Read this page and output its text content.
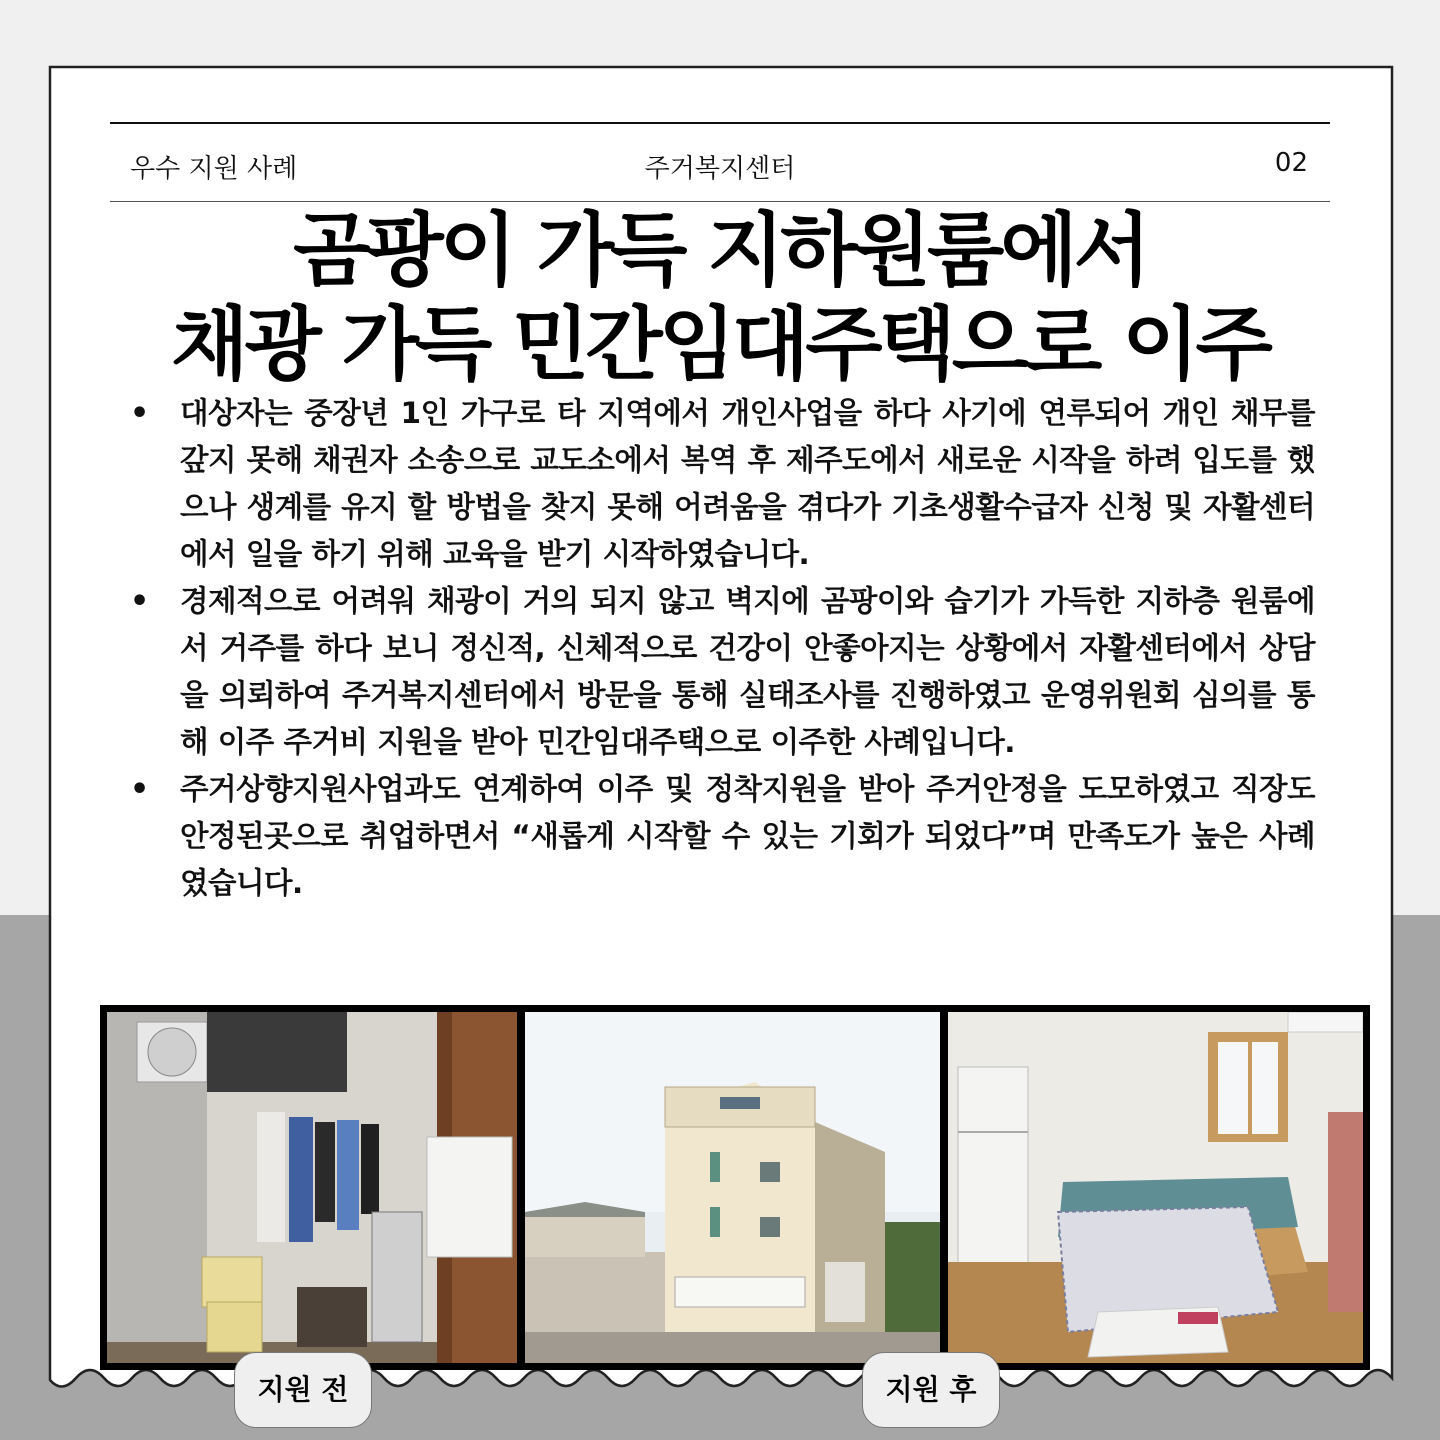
우수 지원 사례	주거복지센터	02
곰팡이 가득 지하원룸에서
채광 가득 민간임대주택으로 이주
• 대상자는 중장년 1인 가구로 타 지역에서 개인사업을 하다 사기에 연루되어 개인 채무를 갚지 못해 채권자 소송으로 교도소에서 복역 후 제주도에서 새로운 시작을 하려 입도를 했으나 생계를 유지 할 방법을 찾지 못해 어려움을 겪다가 기초생활수급자 신청 및 자활센터 에서 일을 하기 위해 교육을 받기 시작하였습니다.
• 경제적으로 어려워 채광이 거의 되지 않고 벽지에 곰팡이와 습기가 가득한 지하층 원룸에서 거주를 하다 보니 정신적, 신체적으로 건강이 안좋아지는 상황에서 자활센터에서 상담을 의뢰하여 주거복지센터에서 방문을 통해 실태조사를 진행하였고 운영위원회 심의를 통해 이주 주거비 지원을 받아 민간임대주택으로 이주한 사례입니다.
• 주거상향지원사업과도 연계하여 이주 및 정착지원을 받아 주거안정을 도모하였고 직장도 안정된곳으로 취업하면서 “새롭게 시작할 수 있는 기회가 되었다”며 만족도가 높은 사례였습니다.
지원 전	지원 후
